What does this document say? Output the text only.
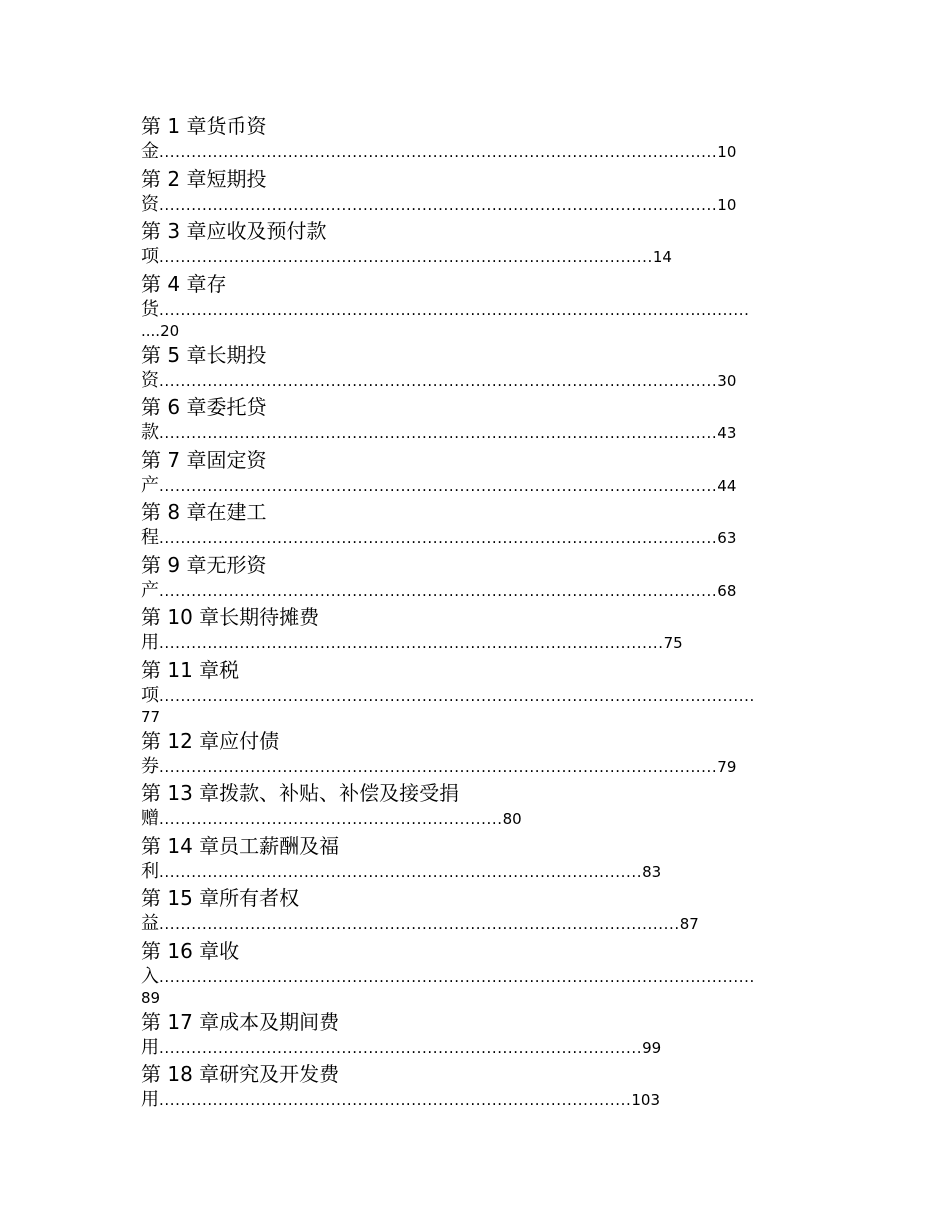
第 1 章货币资
金........................................................................................................10
第 2 章短期投
资........................................................................................................10
第 3 章应收及预付款
项............................................................................................14
第 4 章存
货..............................................................................................................
....20
第 5 章长期投
资........................................................................................................30
第 6 章委托贷
款........................................................................................................43
第 7 章固定资
产........................................................................................................44
第 8 章在建工
程........................................................................................................63
第 9 章无形资
产........................................................................................................68
第 10 章长期待摊费
用..............................................................................................75
第 11 章税
项...............................................................................................................
77
第 12 章应付债
券........................................................................................................79
第 13 章拨款、补贴、补偿及接受捐
赠................................................................80
第 14 章员工薪酬及福
利..........................................................................................83
第 15 章所有者权
益.................................................................................................87
第 16 章收
入...............................................................................................................
89
第 17 章成本及期间费
用..........................................................................................99
第 18 章研究及开发费
用........................................................................................103
